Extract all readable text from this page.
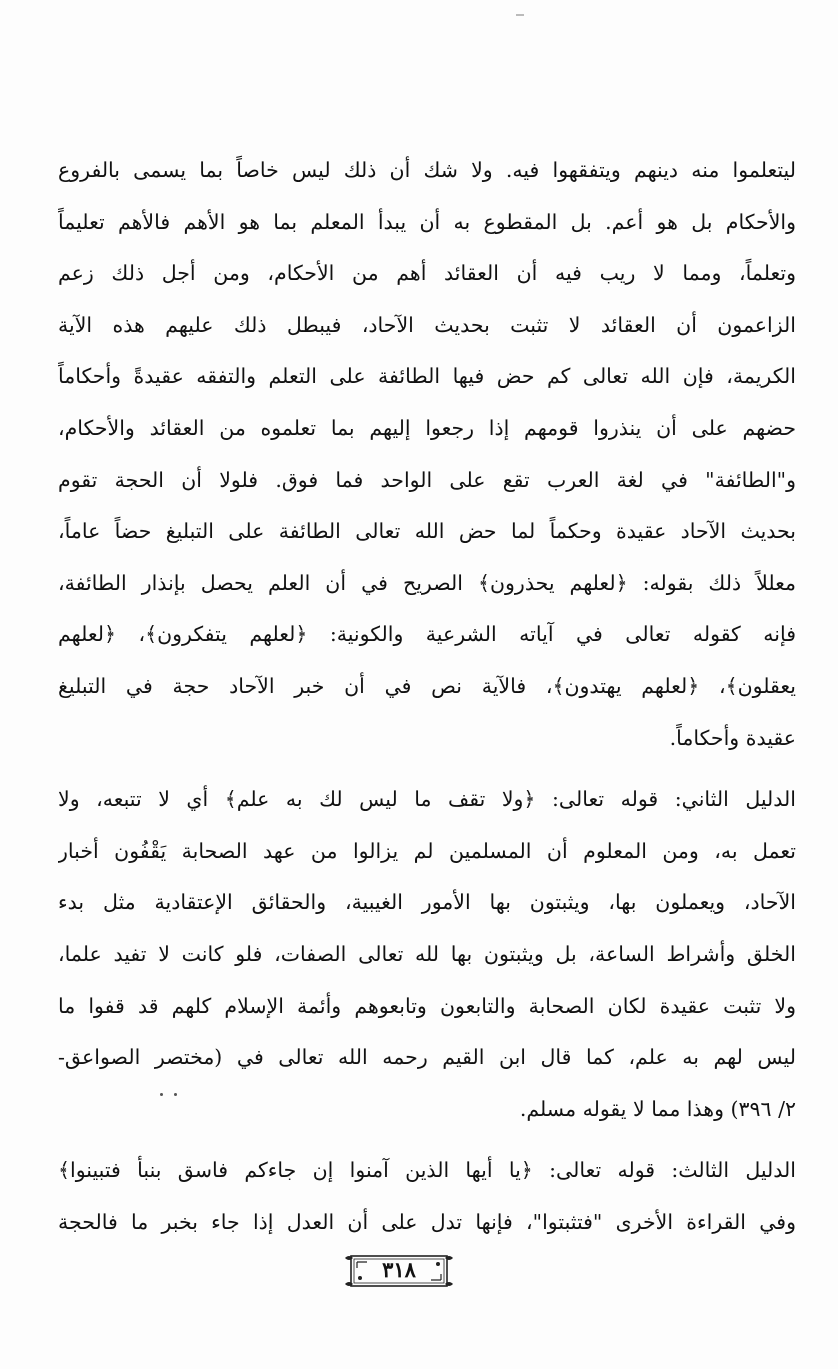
ليتعلموا منه دينهم ويتفقهوا فيه. ولا شك أن ذلك ليس خاصاً بما يسمى بالفروع
والأحكام بل هو أعم. بل المقطوع به أن يبدأ المعلم بما هو الأهم فالأهم تعليماً
وتعلماً، ومما لا ريب فيه أن العقائد أهم من الأحكام، ومن أجل ذلك زعم
الزاعمون أن العقائد لا تثبت بحديث الآحاد، فيبطل ذلك عليهم هذه الآية
الكريمة، فإن الله تعالى كم حض فيها الطائفة على التعلم والتفقه عقيدةً وأحكاماً
حضهم على أن ينذروا قومهم إذا رجعوا إليهم بما تعلموه من العقائد والأحكام،
و"الطائفة" في لغة العرب تقع على الواحد فما فوق. فلولا أن الحجة تقوم
بحديث الآحاد عقيدة وحكماً لما حض الله تعالى الطائفة على التبليغ حضاً عاماً،
معللاً ذلك بقوله: ﴿لعلهم يحذرون﴾ الصريح في أن العلم يحصل بإنذار الطائفة،
فإنه كقوله تعالى في آياته الشرعية والكونية: ﴿لعلهم يتفكرون﴾، ﴿لعلهم
يعقلون﴾، ﴿لعلهم يهتدون﴾، فالآية نص في أن خبر الآحاد حجة في التبليغ
عقيدة وأحكاماً.
الدليل الثاني: قوله تعالى: ﴿ولا تقف ما ليس لك به علم﴾ أي لا تتبعه، ولا
تعمل به، ومن المعلوم أن المسلمين لم يزالوا من عهد الصحابة يَقْفُون أخبار
الآحاد، ويعملون بها، ويثبتون بها الأمور الغيبية، والحقائق الإعتقادية مثل بدء
الخلق وأشراط الساعة، بل ويثبتون بها لله تعالى الصفات، فلو كانت لا تفيد علما،
ولا تثبت عقيدة لكان الصحابة والتابعون وتابعوهم وأئمة الإسلام كلهم قد قفوا ما
ليس لهم به علم، كما قال ابن القيم رحمه الله تعالى في (مختصر الصواعق-
٢/ ٣٩٦) وهذا مما لا يقوله مسلم.
الدليل الثالث: قوله تعالى: ﴿يا أيها الذين آمنوا إن جاءكم فاسق بنبأ فتبينوا﴾
وفي القراءة الأخرى "فتثبتوا"، فإنها تدل على أن العدل إذا جاء بخبر ما فالحجة
٣١٨
